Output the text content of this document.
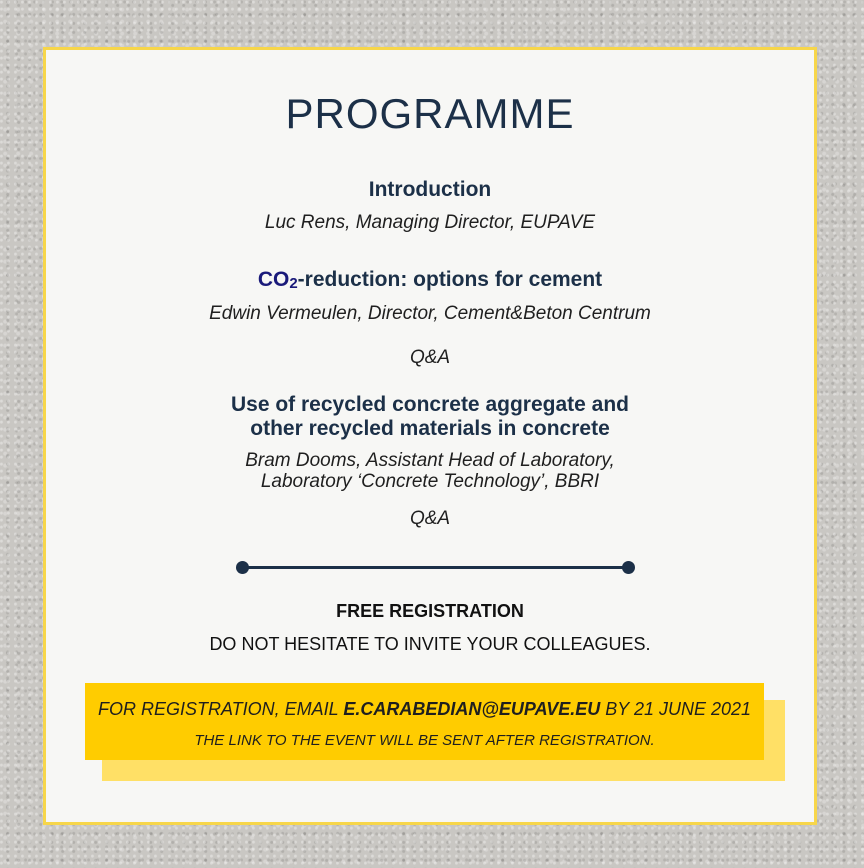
PROGRAMME
Introduction
Luc Rens, Managing Director, EUPAVE
$CO_2$-reduction: options for cement
Edwin Vermeulen, Director, Cement&Beton Centrum
Q&A
Use of recycled concrete aggregate and
other recycled materials in concrete
Bram Dooms, Assistant Head of Laboratory,
Laboratory ‘Concrete Technology’, BBRI
Q&A
FREE REGISTRATION
DO NOT HESITATE TO INVITE YOUR COLLEAGUES.
FOR REGISTRATION, EMAIL E.CARABEDIAN@EUPAVE.EU BY 21 JUNE 2021
THE LINK TO THE EVENT WILL BE SENT AFTER REGISTRATION.
